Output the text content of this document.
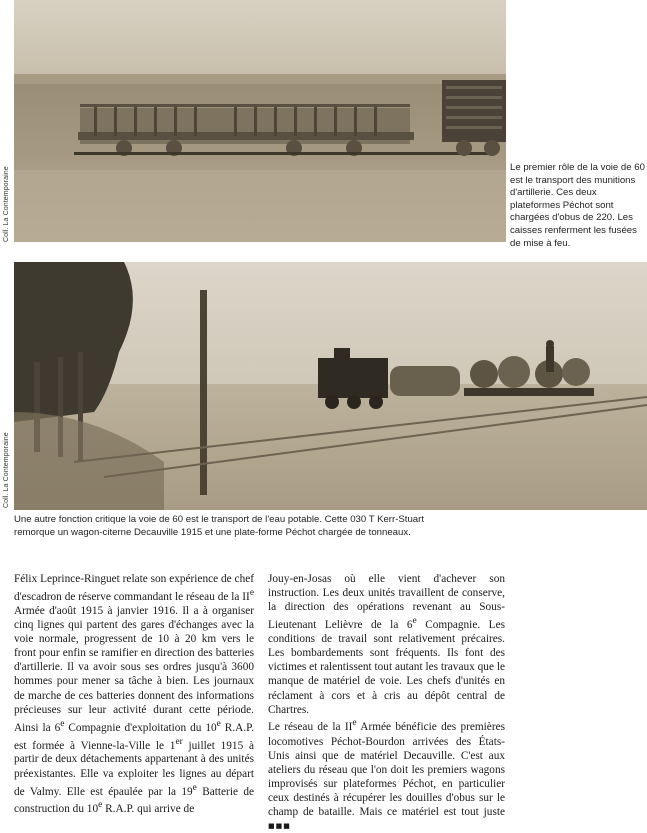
Coll. La Contemporaine	Le premier rôle de la voie de 60 est le transport des munitions d'artillerie. Ces deux plateformes Péchot sont chargées d'obus de 220. Les caisses renferment les fusées de mise à feu.
Coll. La Contemporaine
Une autre fonction critique la voie de 60 est le transport de l'eau potable. Cette 030 T Kerr-Stuart remorque un wagon-citerne Decauville 1915 et une plate-forme Péchot chargée de tonneaux.

Félix Leprince-Ringuet relate son expérience de chef d'escadron de réserve commandant le réseau de la IIe Armée d'août 1915 à janvier 1916. Il a à organiser cinq lignes qui partent des gares d'échanges avec la voie normale, progressent de 10 à 20 km vers le front pour enfin se ramifier en direction des batteries d'artillerie. Il va avoir sous ses ordres jusqu'à 3600 hommes pour mener sa tâche à bien. Les journaux de marche de ces batteries donnent des informations précieuses sur leur activité durant cette période. Ainsi la 6e Compagnie d'exploitation du 10e R.A.P. est formée à Vienne-la-Ville le 1er juillet 1915 à partir de deux détachements appartenant à des unités préexistantes. Elle va exploiter les lignes au départ de Valmy. Elle est épaulée par la 19e Batterie de construction du 10e R.A.P. qui arrive de

Jouy-en-Josas où elle vient d'achever son instruction. Les deux unités travaillent de conserve, la direction des opérations revenant au Sous-Lieutenant Lelièvre de la 6e Compagnie. Les conditions de travail sont relativement précaires. Les bombardements sont fréquents. Ils font des victimes et ralentissent tout autant les travaux que le manque de matériel de voie. Les chefs d'unités en réclament à cors et à cris au dépôt central de Chartres.

Le réseau de la IIe Armée bénéficie des premières locomotives Péchot-Bourdon arrivées des États-Unis ainsi que de matériel Decauville. C'est aux ateliers du réseau que l'on doit les premiers wagons improvisés sur plateformes Péchot, en particulier ceux destinés à récupérer les douilles d'obus sur le champ de bataille. Mais ce matériel est tout juste ■■■
